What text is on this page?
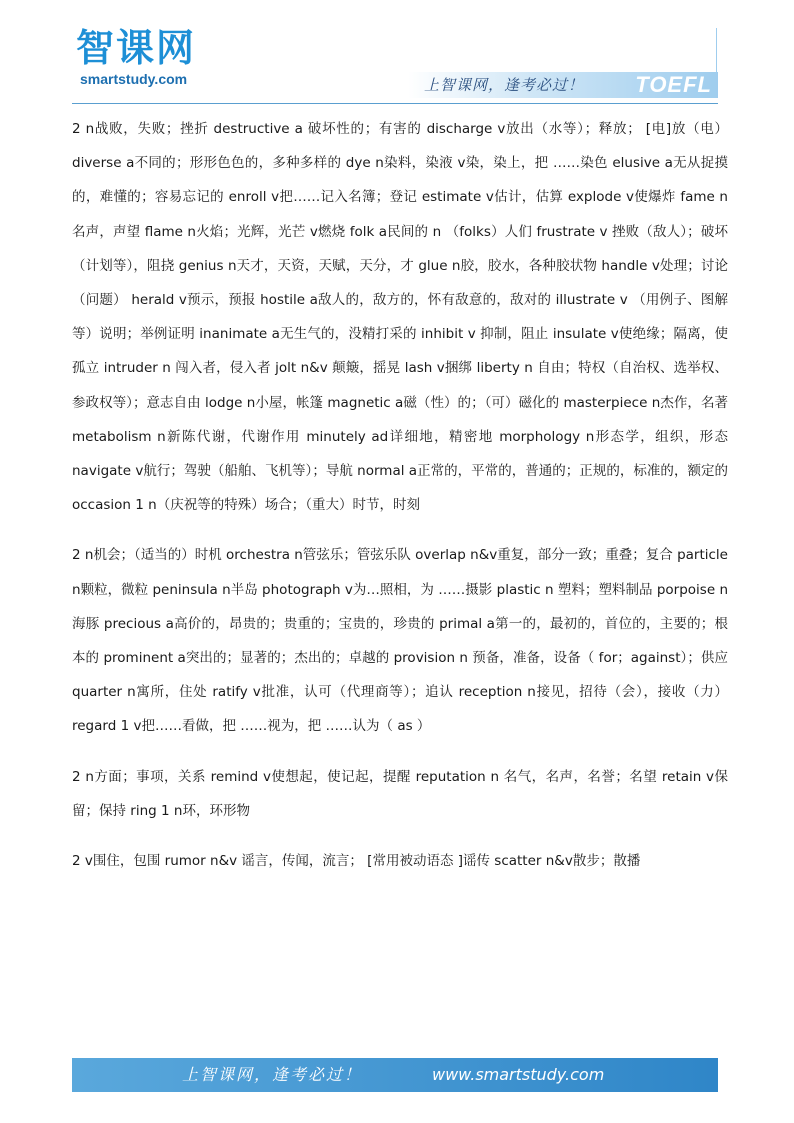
智课网
smartstudy.com	上智课网，逢考必过！ TOEFL

2 n战败，失败；挫折 destructive a 破坏性的；有害的 discharge v放出（水等）；释放； [电]放（电） diverse a不同的；形形色色的，多种多样的 dye n染料，染液 v染，染上，把 ……染色 elusive a无从捉摸的，难懂的；容易忘记的 enroll v把……记入名簿；登记 estimate v估计，估算 explode v使爆炸 fame n名声，声望 flame n火焰；光辉，光芒 v燃烧 folk a民间的 n （folks）人们 frustrate v 挫败（敌人）；破坏（计划等），阻挠 genius n天才，天资，天赋，天分，才 glue n胶，胶水，各种胶状物 handle v处理；讨论（问题） herald v预示，预报 hostile a敌人的，敌方的，怀有敌意的，敌对的 illustrate v （用例子、图解等）说明；举例证明 inanimate a无生气的，没精打采的 inhibit v 抑制，阻止 insulate v使绝缘；隔离，使孤立 intruder n 闯入者，侵入者 jolt n&v 颠簸，摇晃 lash v捆绑 liberty n 自由；特权（自治权、选举权、参政权等）；意志自由 lodge n小屋，帐篷 magnetic a磁（性）的；（可）磁化的 masterpiece n杰作，名著 metabolism n新陈代谢，代谢作用 minutely ad详细地，精密地 morphology n形态学，组织，形态 navigate v航行；驾驶（船舶、飞机等）；导航 normal a正常的，平常的，普通的；正规的，标准的，额定的 occasion 1 n（庆祝等的特殊）场合；（重大）时节，时刻

2 n机会；（适当的）时机 orchestra n管弦乐；管弦乐队 overlap n&v重复，部分一致；重叠；复合 particle n颗粒，微粒 peninsula n半岛 photograph v为…照相，为 ……摄影 plastic n 塑料；塑料制品 porpoise n海豚 precious a高价的，昂贵的；贵重的；宝贵的，珍贵的 primal a第一的，最初的，首位的，主要的；根本的 prominent a突出的；显著的；杰出的；卓越的 provision n 预备，准备，设备（ for；against）；供应 quarter n寓所，住处 ratify v批准，认可（代理商等）；追认 reception n接见，招待（会），接收（力） regard 1 v把……看做，把 ……视为，把 ……认为（ as ）

2 n方面；事项，关系 remind v使想起，使记起，提醒 reputation n 名气，名声，名誉；名望 retain v保留；保持 ring 1 n环，环形物

2 v围住，包围 rumor n&v 谣言，传闻，流言； [常用被动语态 ]谣传 scatter n&v散步；散播

上智课网，逢考必过！	www.smartstudy.com
